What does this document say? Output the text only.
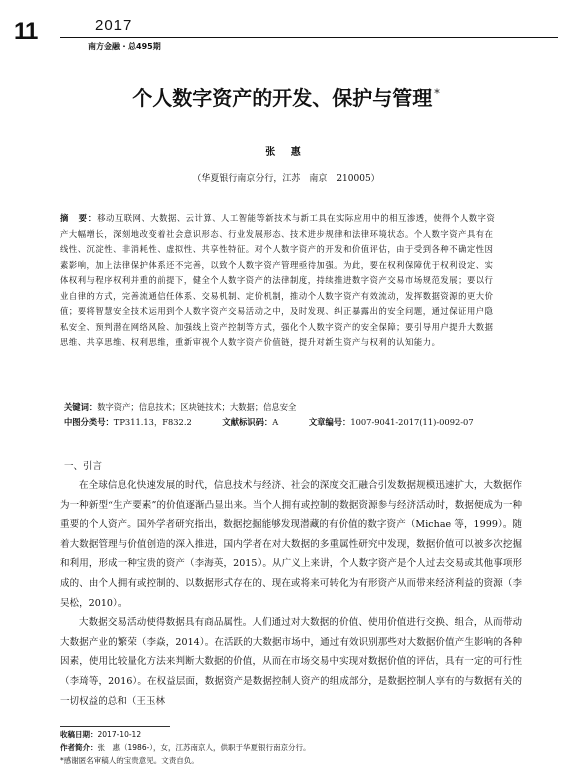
11	2017
南方金融・总495期
个人数字资产的开发、保护与管理 *
张 惠
（华夏银行南京分行，江苏　南京　210005）
摘　要：移动互联网、大数据、云计算、人工智能等新技术与新工具在实际应用中的相互渗透，使得个人数字资产大幅增长，深刻地改变着社会意识形态、行业发展形态、技术进步规律和法律环境状态。个人数字资产具有在线性、沉淀性、非消耗性、虚拟性、共享性特征。对个人数字资产的开发和价值评估，由于受到各种不确定性因素影响，加上法律保护体系还不完善，以致个人数字资产管理亟待加强。为此，要在权利保障优于权利设定、实体权利与程序权利并重的前提下，健全个人数字资产的法律制度，持续推进数字资产交易市场规范发展；要以行业自律的方式，完善流通信任体系、交易机制、定价机制，推动个人数字资产有效流动，发挥数据资源的更大价值；要将智慧安全技术运用到个人数字资产交易活动之中，及时发现、纠正暴露出的安全问题，通过保证用户隐私安全、预判潜在网络风险、加强线上资产控制等方式，强化个人数字资产的安全保障；要引导用户提升大数据思维、共享思维、权利思维，重新审视个人数字资产价值链，提升对新生资产与权利的认知能力。
关键词：数字资产；信息技术；区块链技术；大数据；信息安全
中图分类号：TP311.13，F832.2	文献标识码：A	文章编号：1007-9041-2017(11)-0092-07
一、引言

在全球信息化快速发展的时代，信息技术与经济、社会的深度交汇融合引发数据规模迅速扩大，大数据作为一种新型“生产要素”的价值逐渐凸显出来。当个人拥有或控制的数据资源参与经济活动时，数据便成为一种重要的个人资产。国外学者研究指出，数据挖掘能够发现潜藏的有价值的数字资产（Michae 等，1999）。随着大数据管理与价值创造的深入推进，国内学者在对大数据的多重属性研究中发现，数据价值可以被多次挖掘和利用，形成一种宝贵的资产（李海英，2015）。从广义上来讲，个人数字资产是个人过去交易或其他事项形成的、由个人拥有或控制的、以数据形式存在的、现在或将来可转化为有形资产从而带来经济利益的资源（李吴松，2010）。

大数据交易活动使得数据具有商品属性。人们通过对大数据的价值、使用价值进行交换、组合，从而带动大数据产业的繁荣（李焱，2014）。在活跃的大数据市场中，通过有效识别那些对大数据价值产生影响的各种因素，使用比较量化方法来判断大数据的价值，从而在市场交易中实现对数据价值的评估，具有一定的可行性（李琦等，2016）。在权益层面，数据资产是数据控制人资产的组成部分，是数据控制人享有的与数据有关的一切权益的总和（王玉林

收稿日期：2017-10-12
作者简介：张　惠（1986-），女，江苏南京人，供职于华夏银行南京分行。
*感谢匿名审稿人的宝贵意见。文责自负。
